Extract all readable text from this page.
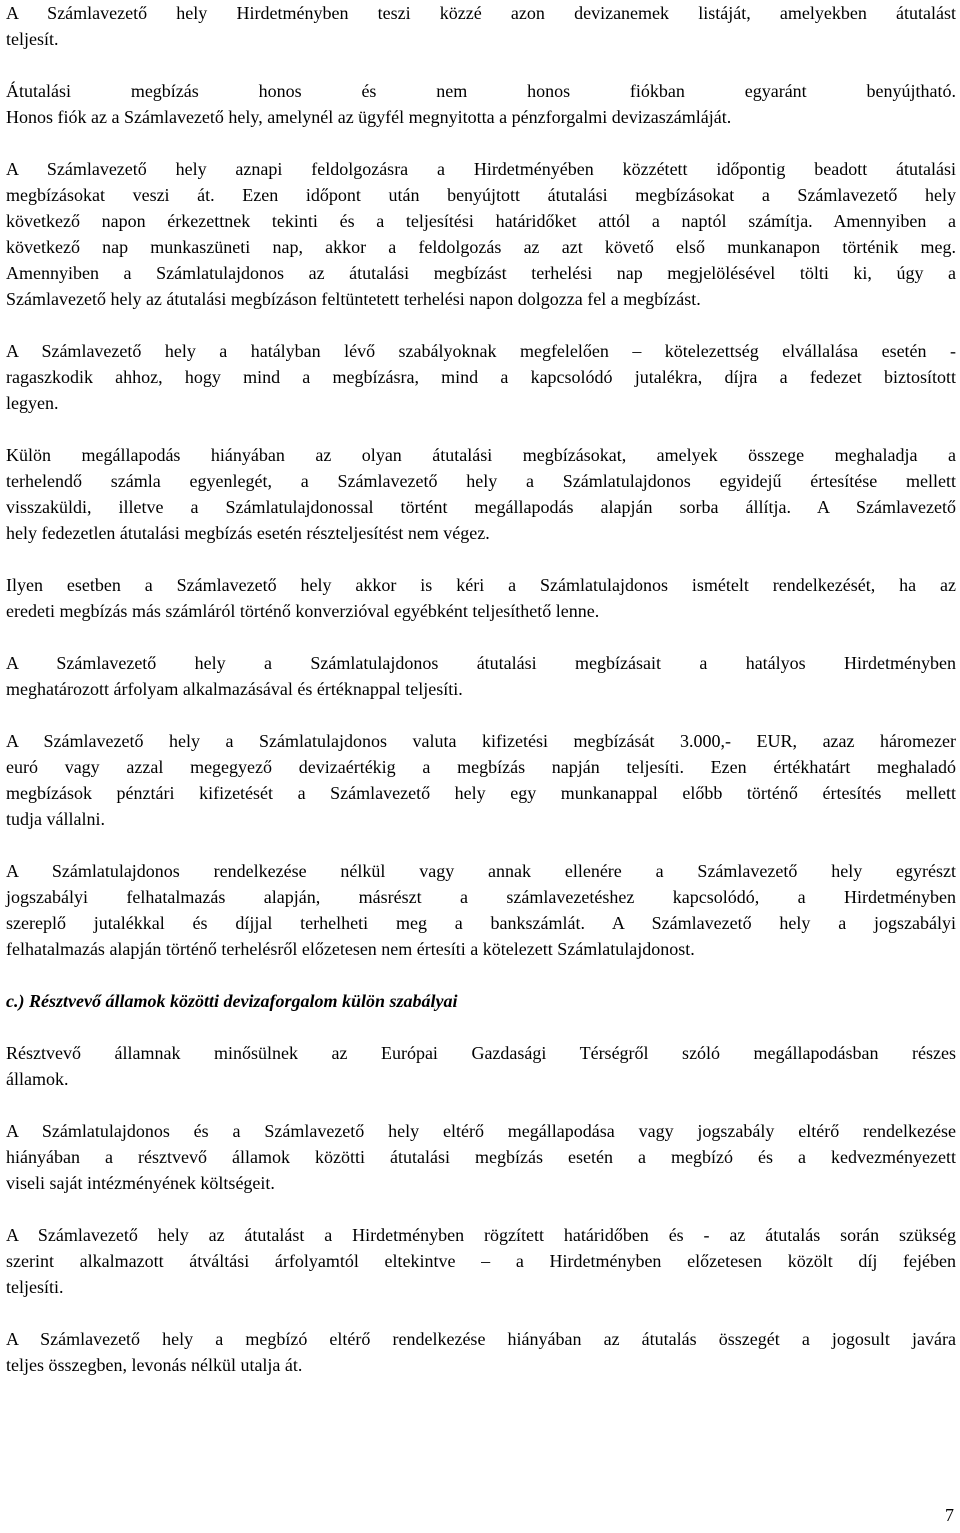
A Számlavezető hely Hirdetményben teszi közzé azon devizanemek listáját, amelyekben átutalást
teljesít.
Átutalási megbízás honos és nem honos fiókban egyaránt benyújtható.
Honos fiók az a Számlavezető hely, amelynél az ügyfél megnyitotta a pénzforgalmi devizaszámláját.
A Számlavezető hely aznapi feldolgozásra a Hirdetményében közzétett időpontig beadott átutalási
megbízásokat veszi át. Ezen időpont után benyújtott átutalási megbízásokat a Számlavezető hely
következő napon érkezettnek tekinti és a teljesítési határidőket attól a naptól számítja. Amennyiben a
következő nap munkaszüneti nap, akkor a feldolgozás az azt követő első munkanapon történik meg.
Amennyiben a Számlatulajdonos az átutalási megbízást terhelési nap megjelölésével tölti ki, úgy a
Számlavezető hely az átutalási megbízáson feltüntetett terhelési napon dolgozza fel a megbízást.
A Számlavezető hely a hatályban lévő szabályoknak megfelelően – kötelezettség elvállalása esetén -
ragaszkodik ahhoz, hogy mind a megbízásra, mind a kapcsolódó jutalékra, díjra a fedezet biztosított
legyen.
Külön megállapodás hiányában az olyan átutalási megbízásokat, amelyek összege meghaladja a
terhelendő számla egyenlegét, a Számlavezető hely a Számlatulajdonos egyidejű értesítése mellett
visszaküldi, illetve a Számlatulajdonossal történt megállapodás alapján sorba állítja. A Számlavezető
hely fedezetlen átutalási megbízás esetén részteljesítést nem végez.
Ilyen esetben a Számlavezető hely akkor is kéri a Számlatulajdonos ismételt rendelkezését, ha az
eredeti megbízás más számláról történő konverzióval egyébként teljesíthető lenne.
A Számlavezető hely a Számlatulajdonos átutalási megbízásait a hatályos Hirdetményben
meghatározott árfolyam alkalmazásával és értéknappal teljesíti.
A Számlavezető hely a Számlatulajdonos valuta kifizetési megbízását 3.000,- EUR, azaz háromezer
euró vagy azzal megegyező devizaértékig a megbízás napján teljesíti. Ezen értékhatárt meghaladó
megbízások pénztári kifizetését a Számlavezető hely egy munkanappal előbb történő értesítés mellett
tudja vállalni.
A Számlatulajdonos rendelkezése nélkül vagy annak ellenére a Számlavezető hely egyrészt
jogszabályi felhatalmazás alapján, másrészt a számlavezetéshez kapcsolódó, a Hirdetményben
szereplő jutalékkal és díjjal terhelheti meg a bankszámlát. A Számlavezető hely a jogszabályi
felhatalmazás alapján történő terhelésről előzetesen nem értesíti a kötelezett Számlatulajdonost.
c.) Résztvevő államok közötti devizaforgalom külön szabályai
Résztvevő államnak minősülnek az Európai Gazdasági Térségről szóló megállapodásban részes
államok.
A Számlatulajdonos és a Számlavezető hely eltérő megállapodása vagy jogszabály eltérő rendelkezése
hiányában a résztvevő államok közötti átutalási megbízás esetén a megbízó és a kedvezményezett
viseli saját intézményének költségeit.
A Számlavezető hely az átutalást a Hirdetményben rögzített határidőben és - az átutalás során szükség
szerint alkalmazott átváltási árfolyamtól eltekintve – a Hirdetményben előzetesen közölt díj fejében
teljesíti.
A Számlavezető hely a megbízó eltérő rendelkezése hiányában az átutalás összegét a jogosult javára
teljes összegben, levonás nélkül utalja át.
7
